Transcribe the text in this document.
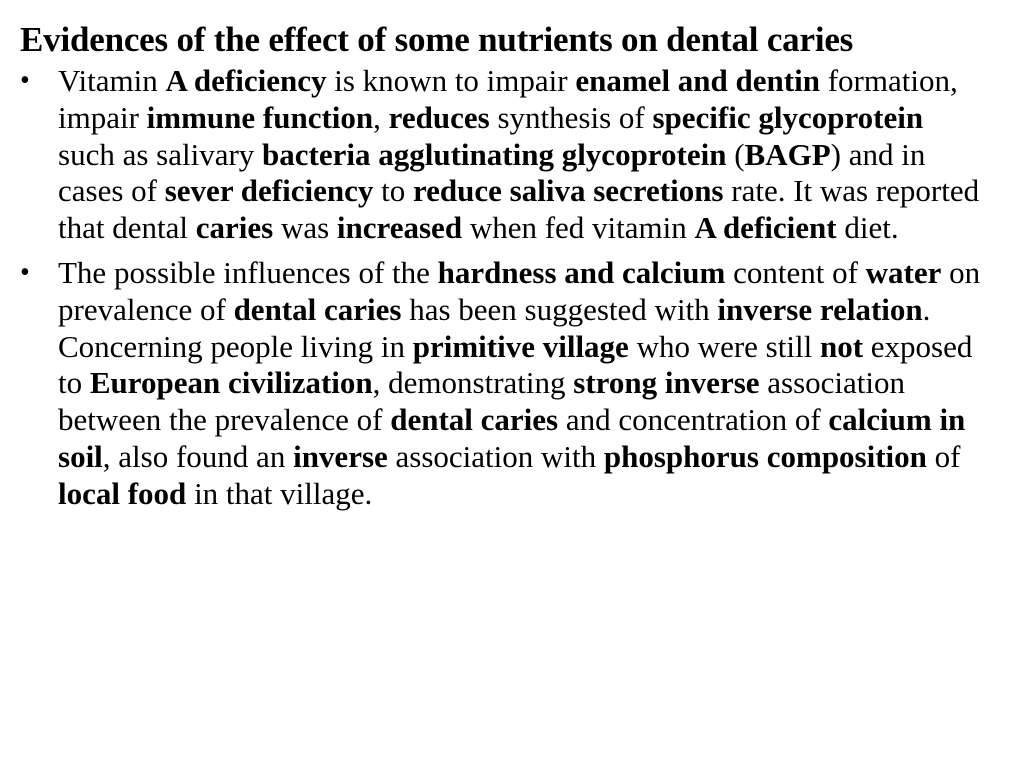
Evidences of the effect of some nutrients on dental caries
• Vitamin A deficiency is known to impair enamel and dentin formation, impair immune function, reduces synthesis of specific glycoprotein such as salivary bacteria agglutinating glycoprotein (BAGP) and in cases of sever deficiency to reduce saliva secretions rate. It was reported that dental caries was increased when fed vitamin A deficient diet.
• The possible influences of the hardness and calcium content of water on prevalence of dental caries has been suggested with inverse relation. Concerning people living in primitive village who were still not exposed to European civilization, demonstrating strong inverse association between the prevalence of dental caries and concentration of calcium in soil, also found an inverse association with phosphorus composition of local food in that village.
